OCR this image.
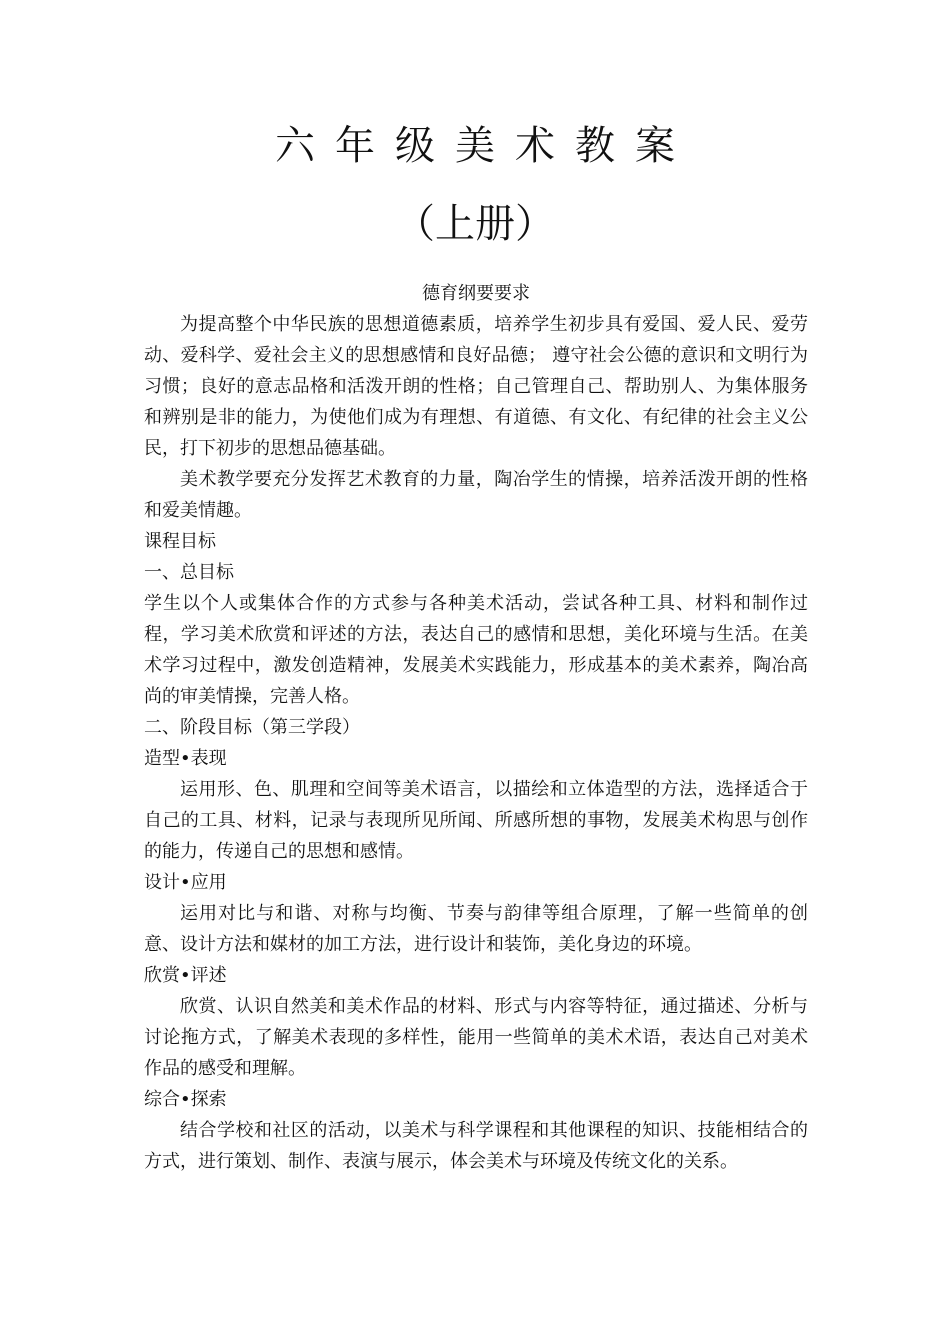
六年级美术教案
（上册）

德育纲要要求

为提高整个中华民族的思想道德素质，培养学生初步具有爱国、爱人民、爱劳动、爱科学、爱社会主义的思想感情和良好品德； 遵守社会公德的意识和文明行为习惯；良好的意志品格和活泼开朗的性格；自己管理自己、帮助别人、为集体服务和辨别是非的能力，为使他们成为有理想、有道德、有文化、有纪律的社会主义公民，打下初步的思想品德基础。

美术教学要充分发挥艺术教育的力量，陶冶学生的情操，培养活泼开朗的性格和爱美情趣。

课程目标

一、总目标

学生以个人或集体合作的方式参与各种美术活动，尝试各种工具、材料和制作过程，学习美术欣赏和评述的方法，表达自己的感情和思想，美化环境与生活。在美术学习过程中，激发创造精神，发展美术实践能力，形成基本的美术素养，陶冶高尚的审美情操，完善人格。

二、阶段目标（第三学段）

造型•表现

运用形、色、肌理和空间等美术语言，以描绘和立体造型的方法，选择适合于自己的工具、材料，记录与表现所见所闻、所感所想的事物，发展美术构思与创作的能力，传递自己的思想和感情。

设计•应用

运用对比与和谐、对称与均衡、节奏与韵律等组合原理，了解一些简单的创意、设计方法和媒材的加工方法，进行设计和装饰，美化身边的环境。

欣赏•评述

欣赏、认识自然美和美术作品的材料、形式与内容等特征，通过描述、分析与讨论拖方式，了解美术表现的多样性，能用一些简单的美术术语，表达自己对美术作品的感受和理解。

综合•探索

结合学校和社区的活动，以美术与科学课程和其他课程的知识、技能相结合的方式，进行策划、制作、表演与展示，体会美术与环境及传统文化的关系。
